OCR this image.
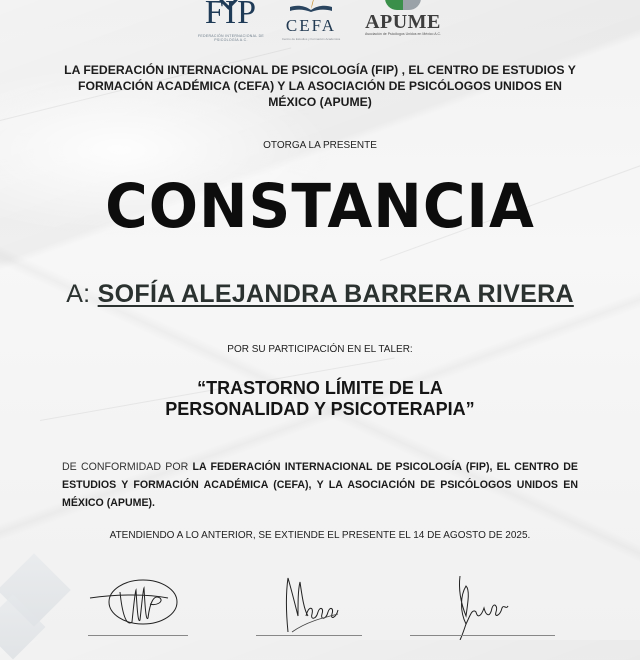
FIP
FEDERACIÓN INTERNACIONAL DE PSICOLOGÍA A.C.
CEFA
Centro de Estudios y Formación Académica
APUME
Asociación de Psicólogos Unidos en México A.C.
LA FEDERACIÓN INTERNACIONAL DE PSICOLOGÍA (FIP) , EL CENTRO DE ESTUDIOS Y FORMACIÓN ACADÉMICA (CEFA) Y LA ASOCIACIÓN DE PSICÓLOGOS UNIDOS EN MÉXICO (APUME)
OTORGA LA PRESENTE
CONSTANCIA
A: SOFÍA ALEJANDRA BARRERA RIVERA
POR SU PARTICIPACIÓN EN EL TALER:
“TRASTORNO LÍMITE DE LA
PERSONALIDAD Y PSICOTERAPIA”
DE CONFORMIDAD POR LA FEDERACIÓN INTERNACIONAL DE PSICOLOGÍA (FIP), EL CENTRO DE ESTUDIOS Y FORMACIÓN ACADÉMICA (CEFA), Y LA ASOCIACIÓN DE PSICÓLOGOS UNIDOS EN MÉXICO (APUME).
ATENDIENDO A LO ANTERIOR, SE EXTIENDE EL PRESENTE EL 14 DE AGOSTO DE 2025.
